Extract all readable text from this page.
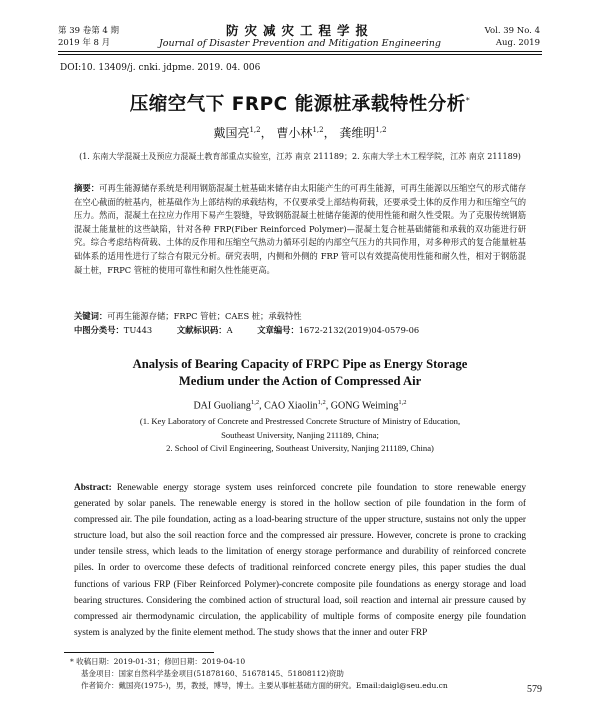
第 39 卷第 4 期
2019 年 8 月
防灾减灾工程学报
Journal of Disaster Prevention and Mitigation Engineering
Vol. 39 No. 4
Aug. 2019
DOI:10. 13409/j. cnki. jdpme. 2019. 04. 006
压缩空气下 FRPC 能源桩承载特性分析*
戴国亮$^{1,2}$， 曹小林$^{1,2}$， 龚维明$^{1,2}$
(1. 东南大学混凝土及预应力混凝土教育部重点实验室，江苏 南京 211189；2. 东南大学土木工程学院，江苏 南京 211189)
摘要：可再生能源储存系统是利用钢筋混凝土桩基础来储存由太阳能产生的可再生能源，可再生能源以压缩空气的形式储存在空心截面的桩基内，桩基础作为上部结构的承载结构，不仅要承受上部结构荷载，还要承受土体的反作用力和压缩空气的压力。然而，混凝土在拉应力作用下易产生裂缝，导致钢筋混凝土桩储存能源的使用性能和耐久性受限。为了克服传统钢筋混凝土能量桩的这些缺陷，针对各种 FRP(Fiber Reinforced Polymer)—混凝土复合桩基础储能和承载的双功能进行研究。综合考虑结构荷载、土体的反作用和压缩空气热动力循环引起的内部空气压力的共同作用，对多种形式的复合能量桩基础体系的适用性进行了综合有限元分析。研究表明，内侧和外侧的 FRP 管可以有效提高使用性能和耐久性，相对于钢筋混凝土桩，FRPC 管桩的使用可靠性和耐久性性能更高。
关键词：可再生能源存储；FRPC 管桩；CAES 桩；承载特性
中图分类号：TU443	文献标识码：A	文章编号：1672-2132(2019)04-0579-06
Analysis of Bearing Capacity of FRPC Pipe as Energy Storage
Medium under the Action of Compressed Air
DAI Guoliang$^{1,2}$, CAO Xiaolin$^{1,2}$, GONG Weiming$^{1,2}$
(1. Key Laboratory of Concrete and Prestressed Concrete Structure of Ministry of Education,
Southeast University, Nanjing 211189, China;
2. School of Civil Engineering, Southeast University, Nanjing 211189, China)
Abstract: Renewable energy storage system uses reinforced concrete pile foundation to store renewable energy generated by solar panels. The renewable energy is stored in the hollow section of pile foundation in the form of compressed air. The pile foundation, acting as a load-bearing structure of the upper structure, sustains not only the upper structure load, but also the soil reaction force and the compressed air pressure. However, concrete is prone to cracking under tensile stress, which leads to the limitation of energy storage performance and durability of reinforced concrete piles. In order to overcome these defects of traditional reinforced concrete energy piles, this paper studies the dual functions of various FRP (Fiber Reinforced Polymer)-concrete composite pile foundations as energy storage and load bearing structures. Considering the combined action of structural load, soil reaction and internal air pressure caused by compressed air thermodynamic circulation, the applicability of multiple forms of composite energy pile foundation system is analyzed by the finite element method. The study shows that the inner and outer FRP
* 收稿日期：2019-01-31；修回日期：2019-04-10
基金项目：国家自然科学基金项目(51878160、51678145、51808112)资助
作者简介：戴国亮(1975-)，男，教授，博导，博士。主要从事桩基础方面的研究。Email:daigl@seu.edu.cn	579
